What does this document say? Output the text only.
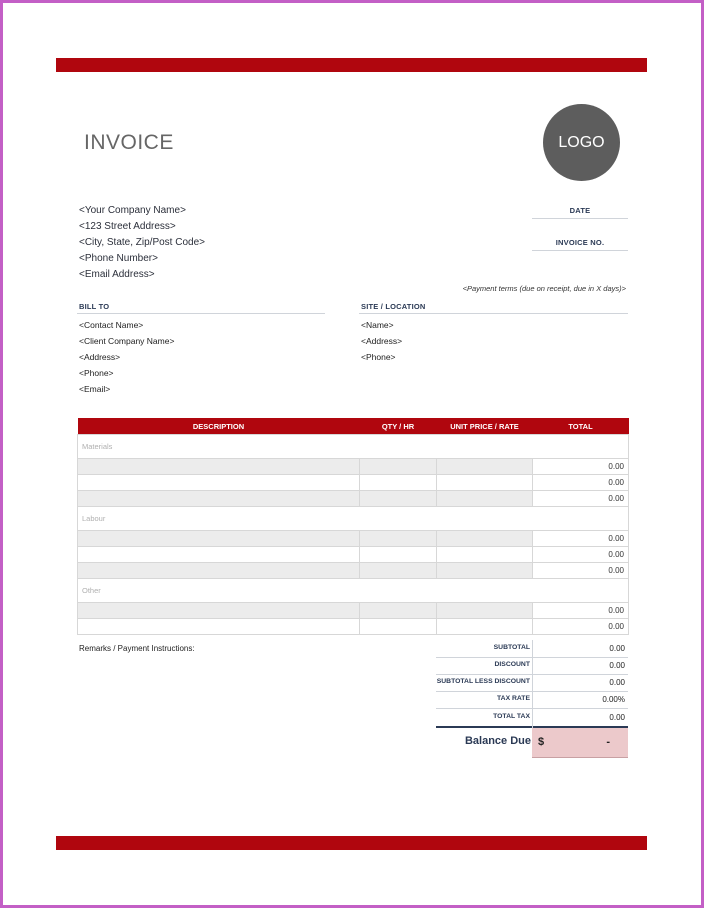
INVOICE	LOGO
<Your Company Name>
<123 Street Address>
<City, State, Zip/Post Code>
<Phone Number>
<Email Address>
DATE
INVOICE NO.
<Payment terms (due on receipt, due in X days)>
BILL TO
<Contact Name>
<Client Company Name>
<Address>
<Phone>
<Email>
SITE / LOCATION
<Name>
<Address>
<Phone>
DESCRIPTION	QTY / HR	UNIT PRICE / RATE	TOTAL
Materials			
			0.00
			0.00
			0.00
Labour			
			0.00
			0.00
			0.00
Other			
			0.00
			0.00
Remarks / Payment Instructions:	SUBTOTAL	0.00
DISCOUNT	0.00
SUBTOTAL LESS DISCOUNT	0.00
TAX RATE	0.00%
TOTAL TAX	0.00
Balance Due $	-
